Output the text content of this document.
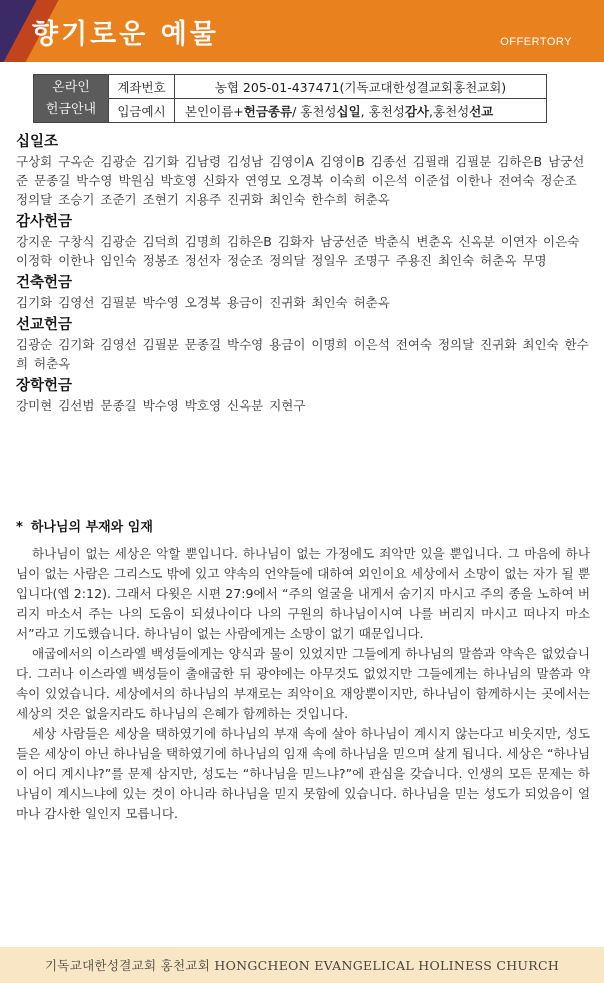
향기로운 예물	OFFERTORY
온라인
헌금안내	계좌번호	농협 205-01-437471(기독교대한성결교회홍천교회)
	입금예시	본인이름+헌금종류/ 홍천성십일, 홍천성감사,홍천성선교
십일조
구상회 구옥순 김광순 김기화 김남령 김성남 김영이A 김영이B 김종선 김필래 김필분 김하은B 남궁선준 문종길 박수영 박원심 박호영 신화자 연영모 오경복 이숙희 이은석 이준섭 이한나 전여숙 정순조 정의달 조승기 조준기 조현기 지용주 진귀화 최인숙 한수희 허춘옥
감사헌금
강지운 구창식 김광순 김덕희 김명희 김하은B 김화자 남궁선준 박춘식 변춘옥 신옥분 이연자 이은숙 이정학 이한나 임인숙 정봉조 정선자 정순조 정의달 정일우 조명구 주용진 최인숙 허춘옥 무명
건축헌금
김기화 김영선 김필분 박수영 오경복 용금이 진귀화 최인숙 허춘옥
선교헌금
김광순 김기화 김영선 김필분 문종길 박수영 용금이 이명희 이은석 전여숙 정의달 진귀화 최인숙 한수희 허춘옥
장학헌금
강미현 김선범 문종길 박수영 박호영 신옥분 지현구
* 하나님의 부재와 임재

하나님이 없는 세상은 악할 뿐입니다. 하나님이 없는 가정에도 죄악만 있을 뿐입니다. 그 마음에 하나님이 없는 사람은 그리스도 밖에 있고 약속의 언약들에 대하여 외인이요 세상에서 소망이 없는 자가 될 뿐입니다(엡 2:12). 그래서 다윗은 시편 27:9에서 “주의 얼굴을 내게서 숨기지 마시고 주의 종을 노하여 버리지 마소서 주는 나의 도움이 되셨나이다 나의 구원의 하나님이시여 나를 버리지 마시고 떠나지 마소서”라고 기도했습니다. 하나님이 없는 사람에게는 소망이 없기 때문입니다.

애굽에서의 이스라엘 백성들에게는 양식과 물이 있었지만 그들에게 하나님의 말씀과 약속은 없었습니다. 그러나 이스라엘 백성들이 출애굽한 뒤 광야에는 아무것도 없었지만 그들에게는 하나님의 말씀과 약속이 있었습니다. 세상에서의 하나님의 부재로는 죄악이요 재앙뿐이지만, 하나님이 함께하시는 곳에서는 세상의 것은 없을지라도 하나님의 은혜가 함께하는 것입니다.

세상 사람들은 세상을 택하였기에 하나님의 부재 속에 살아 하나님이 계시지 않는다고 비웃지만, 성도들은 세상이 아닌 하나님을 택하였기에 하나님의 임재 속에 하나님을 믿으며 살게 됩니다. 세상은 “하나님이 어디 계시냐?”를 문제 삼지만, 성도는 “하나님을 믿느냐?”에 관심을 갖습니다. 인생의 모든 문제는 하나님이 계시느냐에 있는 것이 아니라 하나님을 믿지 못함에 있습니다. 하나님을 믿는 성도가 되었음이 얼마나 감사한 일인지 모릅니다.

기독교대한성결교회 홍천교회 HONGCHEON EVANGELICAL HOLINESS CHURCH
